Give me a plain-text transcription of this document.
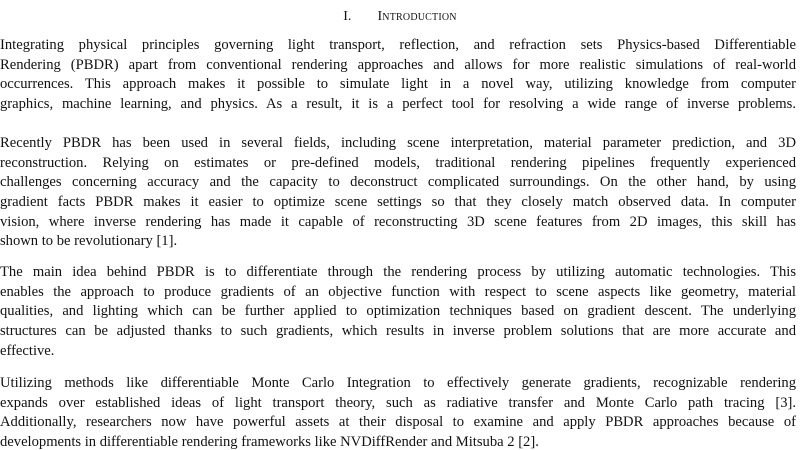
I. Introduction
Integrating physical principles governing light transport, reflection, and refraction sets Physics-based Differentiable
Rendering (PBDR) apart from conventional rendering approaches and allows for more realistic simulations of real-world
occurrences. This approach makes it possible to simulate light in a novel way, utilizing knowledge from computer
graphics, machine learning, and physics. As a result, it is a perfect tool for resolving a wide range of inverse problems.
Recently PBDR has been used in several fields, including scene interpretation, material parameter prediction, and 3D
reconstruction. Relying on estimates or pre-defined models, traditional rendering pipelines frequently experienced
challenges concerning accuracy and the capacity to deconstruct complicated surroundings. On the other hand, by using
gradient facts PBDR makes it easier to optimize scene settings so that they closely match observed data. In computer
vision, where inverse rendering has made it capable of reconstructing 3D scene features from 2D images, this skill has
shown to be revolutionary [1].
The main idea behind PBDR is to differentiate through the rendering process by utilizing automatic technologies. This
enables the approach to produce gradients of an objective function with respect to scene aspects like geometry, material
qualities, and lighting which can be further applied to optimization techniques based on gradient descent. The underlying
structures can be adjusted thanks to such gradients, which results in inverse problem solutions that are more accurate and
effective.
Utilizing methods like differentiable Monte Carlo Integration to effectively generate gradients, recognizable rendering
expands over established ideas of light transport theory, such as radiative transfer and Monte Carlo path tracing [3].
Additionally, researchers now have powerful assets at their disposal to examine and apply PBDR approaches because of
developments in differentiable rendering frameworks like NVDiffRender and Mitsuba 2 [2].
